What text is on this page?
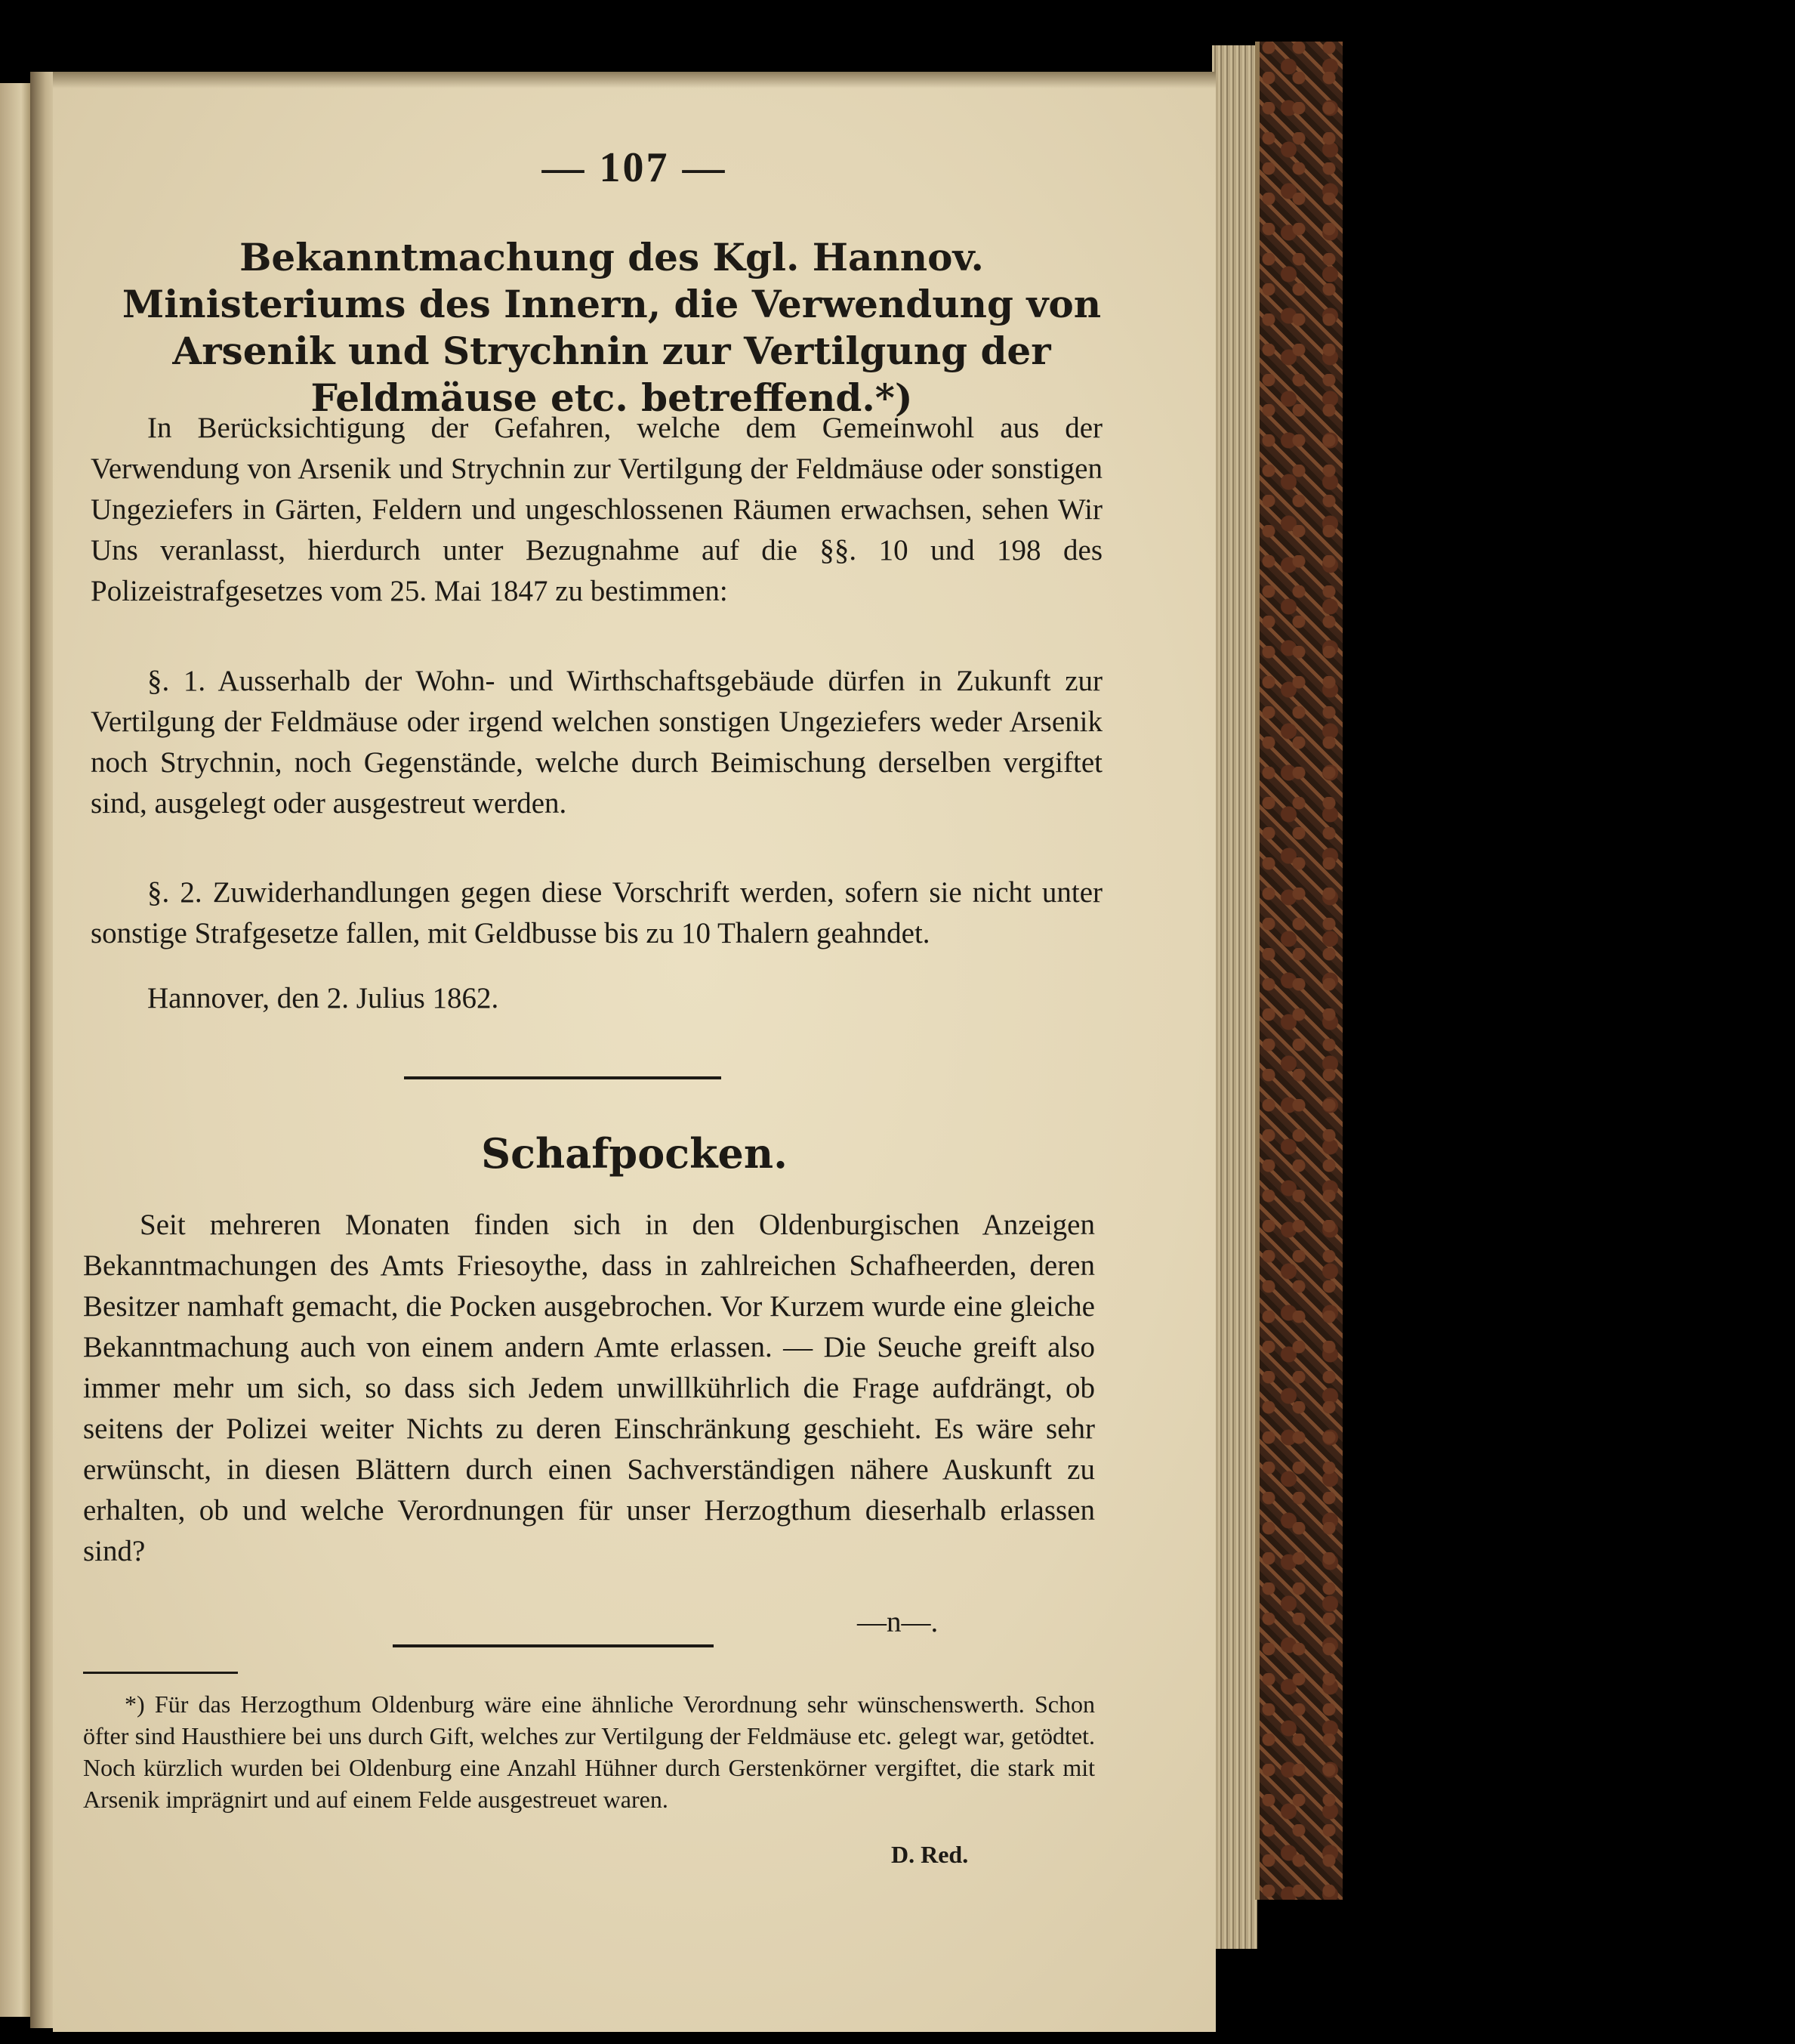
— 107 —
Bekanntmachung des Kgl. Hannov. Ministeriums des Innern, die Verwendung von Arsenik und Strychnin zur Vertilgung der Feldmäuse etc. betreffend.*)
In Berücksichtigung der Gefahren, welche dem Gemeinwohl aus der Verwendung von Arsenik und Strychnin zur Vertilgung der Feldmäuse oder sonstigen Ungeziefers in Gärten, Feldern und ungeschlossenen Räumen erwachsen, sehen Wir Uns veranlasst, hierdurch unter Bezugnahme auf die §§. 10 und 198 des Polizeistrafgesetzes vom 25. Mai 1847 zu bestimmen:
§. 1. Ausserhalb der Wohn- und Wirthschaftsgebäude dürfen in Zukunft zur Vertilgung der Feldmäuse oder irgend welchen sonstigen Ungeziefers weder Arsenik noch Strychnin, noch Gegenstände, welche durch Beimischung derselben vergiftet sind, ausgelegt oder ausgestreut werden.
§. 2. Zuwiderhandlungen gegen diese Vorschrift werden, sofern sie nicht unter sonstige Strafgesetze fallen, mit Geldbusse bis zu 10 Thalern geahndet.
Hannover, den 2. Julius 1862.
Schafpocken.
Seit mehreren Monaten finden sich in den Oldenburgischen Anzeigen Bekanntmachungen des Amts Friesoythe, dass in zahlreichen Schafheerden, deren Besitzer namhaft gemacht, die Pocken ausgebrochen. Vor Kurzem wurde eine gleiche Bekanntmachung auch von einem andern Amte erlassen. — Die Seuche greift also immer mehr um sich, so dass sich Jedem unwillkührlich die Frage aufdrängt, ob seitens der Polizei weiter Nichts zu deren Einschränkung geschieht. Es wäre sehr erwünscht, in diesen Blättern durch einen Sachverständigen nähere Auskunft zu erhalten, ob und welche Verordnungen für unser Herzogthum dieserhalb erlassen sind?
—n—.
*) Für das Herzogthum Oldenburg wäre eine ähnliche Verordnung sehr wünschenswerth. Schon öfter sind Hausthiere bei uns durch Gift, welches zur Vertilgung der Feldmäuse etc. gelegt war, getödtet. Noch kürzlich wurden bei Oldenburg eine Anzahl Hühner durch Gerstenkörner vergiftet, die stark mit Arsenik imprägnirt und auf einem Felde ausgestreuet waren.
D. Red.
